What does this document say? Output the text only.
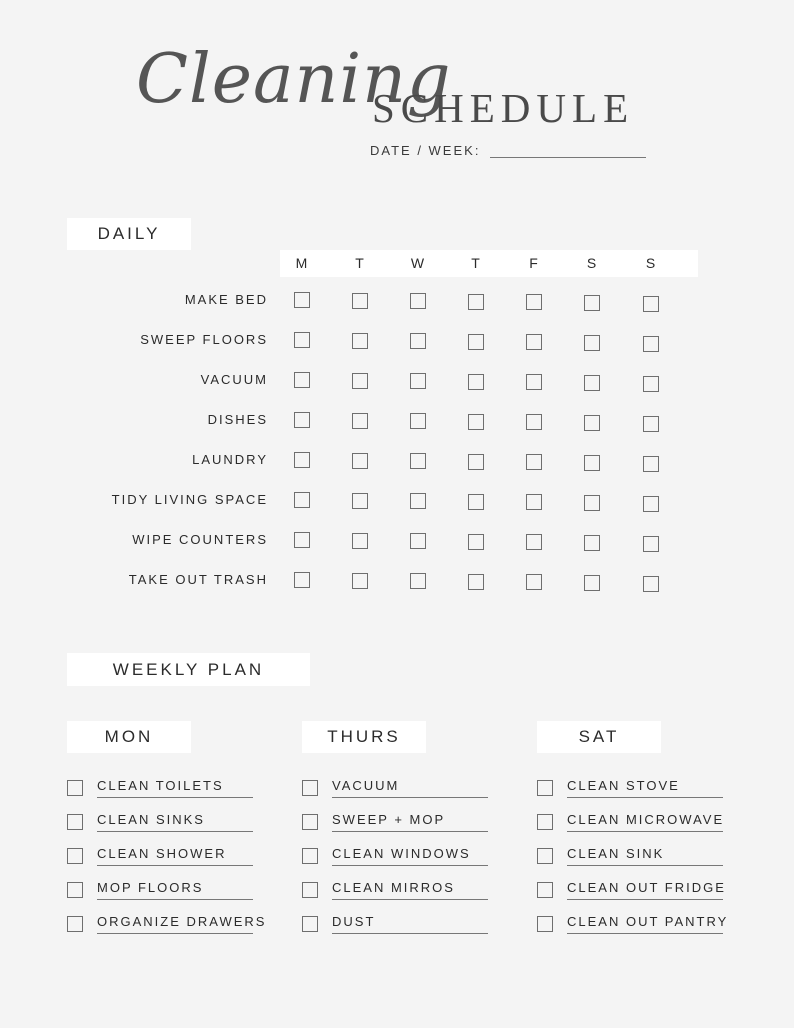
Cleaning
SCHEDULE
DATE / WEEK:
DAILY
M	T	W	T	F	S	S
MAKE BED
SWEEP FLOORS
VACUUM
DISHES
LAUNDRY
TIDY LIVING SPACE
WIPE COUNTERS
TAKE OUT TRASH
WEEKLY PLAN
MON	THURS	SAT
CLEAN TOILETS
CLEAN SINKS
CLEAN SHOWER
MOP FLOORS
ORGANIZE DRAWERS
VACUUM
SWEEP + MOP
CLEAN WINDOWS
CLEAN MIRROS
DUST
CLEAN STOVE
CLEAN MICROWAVE
CLEAN SINK
CLEAN OUT FRIDGE
CLEAN OUT PANTRY
